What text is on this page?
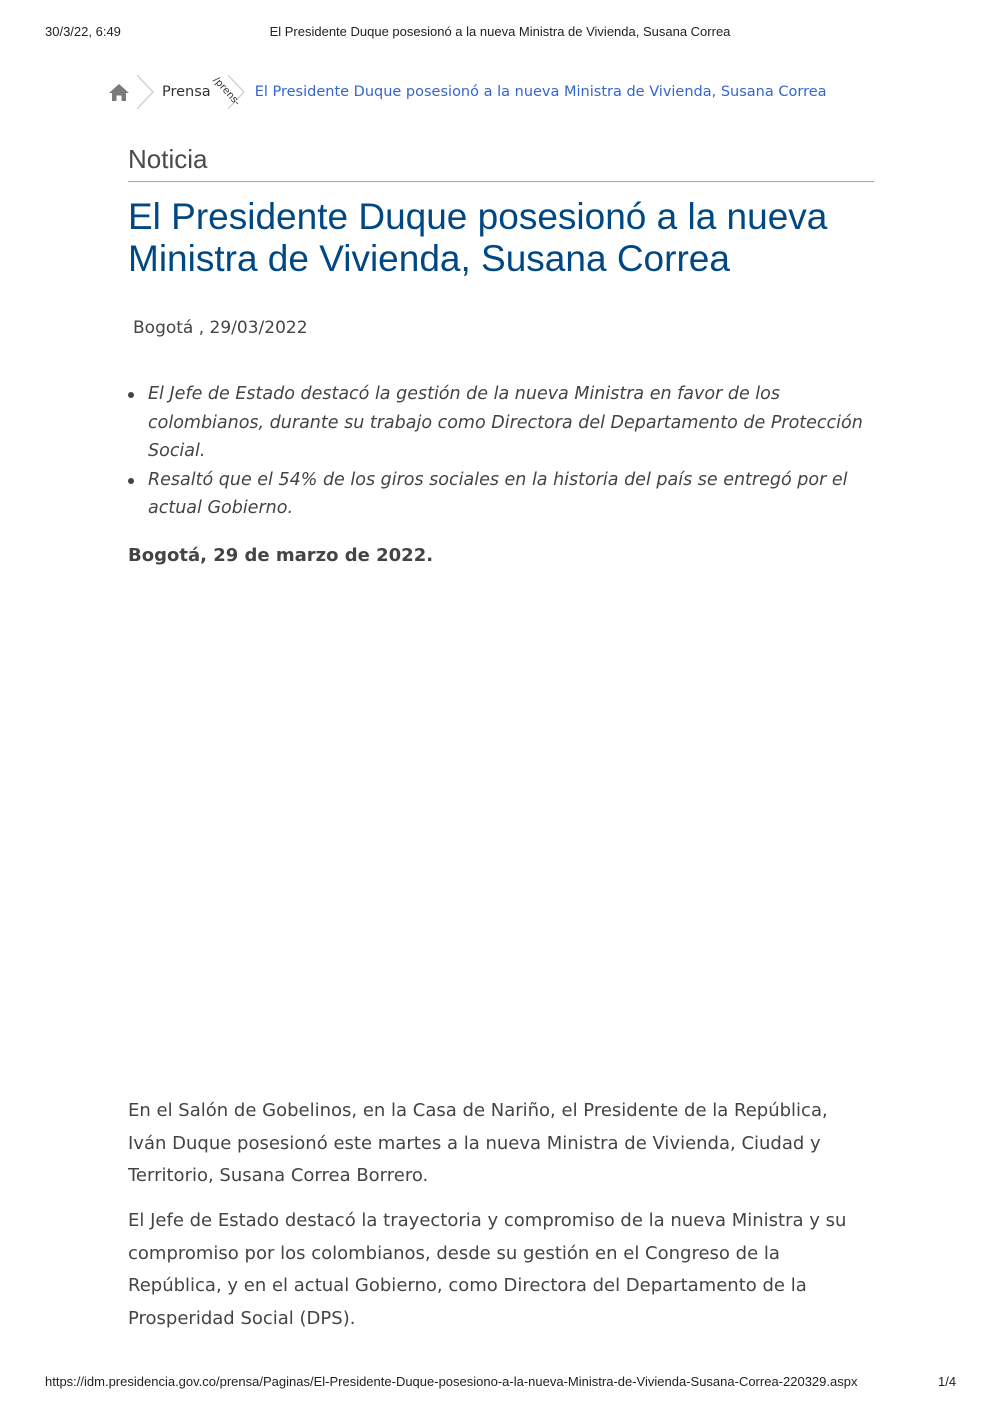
30/3/22, 6:49	El Presidente Duque posesionó a la nueva Ministra de Vivienda, Susana Correa
Prensa /prens- El Presidente Duque posesionó a la nueva Ministra de Vivienda, Susana Correa
Noticia
El Presidente Duque posesionó a la nueva Ministra de Vivienda, Susana Correa
Bogotá , 29/03/2022
El Jefe de Estado destacó la gestión de la nueva Ministra en favor de los colombianos, durante su trabajo como Directora del Departamento de Protección Social.
Resaltó que el 54% de los giros sociales en la historia del país se entregó por el actual Gobierno.
Bogotá, 29 de marzo de 2022.

En el Salón de Gobelinos, en la Casa de Nariño, el Presidente de la República, Iván Duque posesionó este martes a la nueva Ministra de Vivienda, Ciudad y Territorio, Susana Correa Borrero.

El Jefe de Estado destacó la trayectoria y compromiso de la nueva Ministra y su compromiso por los colombianos, desde su gestión en el Congreso de la República, y en el actual Gobierno, como Directora del Departamento de la Prosperidad Social (DPS).

https://idm.presidencia.gov.co/prensa/Paginas/El-Presidente-Duque-posesiono-a-la-nueva-Ministra-de-Vivienda-Susana-Correa-220329.aspx	1/4
